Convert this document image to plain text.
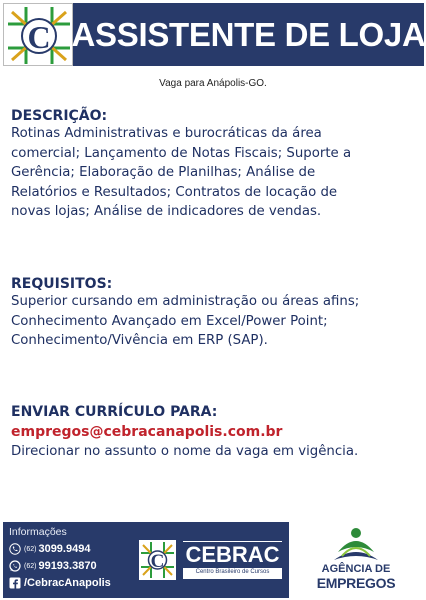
C ASSISTENTE DE LOJA
Vaga para Anápolis-GO.
DESCRIÇÃO:
Rotinas Administrativas e burocráticas da área
comercial; Lançamento de Notas Fiscais; Suporte a
Gerência; Elaboração de Planilhas; Análise de
Relatórios e Resultados; Contratos de locação de
novas lojas; Análise de indicadores de vendas.
REQUISITOS:
Superior cursando em administração ou áreas afins;
Conhecimento Avançado em Excel/Power Point;
Conhecimento/Vivência em ERP (SAP).
ENVIAR CURRÍCULO PARA:
empregos@cebracanapolis.com.br
Direcionar no assunto o nome da vaga em vigência.
Informações
(62) 3099.9494
(62) 99193.3870
/CebracAnapolis
C CEBRAC
Centro Brasileiro de Cursos	AGÊNCIA DE
EMPREGOS
